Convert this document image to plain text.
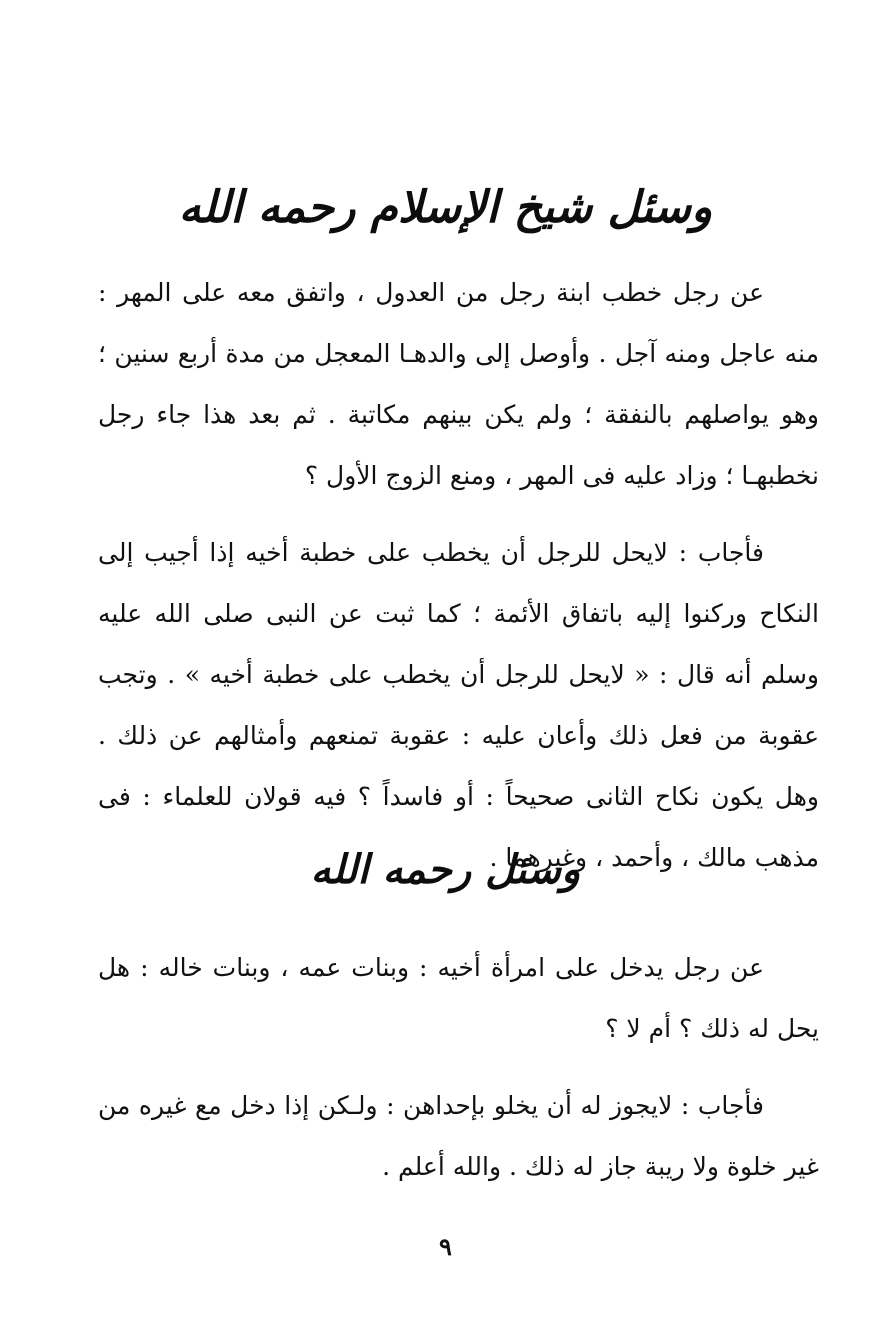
وسئل شيخ الإسلام رحمه الله

عن رجل خطب ابنة رجل من العدول ، واتفق معه على المهر : منه عاجل ومنه آجل . وأوصل إلى والدهـا المعجل من مدة أربع سنين ؛ وهو يواصلهم بالنفقة ؛ ولم يكن بينهم مكاتبة . ثم بعد هذا جاء رجل نخطبهـا ؛ وزاد عليه فى المهر ، ومنع الزوج الأول ؟

فأجاب : لايحل للرجل أن يخطب على خطبة أخيه إذا أجيب إلى النكاح وركنوا إليه باتفاق الأئمة ؛ كما ثبت عن النبى صلى الله عليه وسلم أنه قال : « لايحل للرجل أن يخطب على خطبة أخيه » . وتجب عقوبة من فعل ذلك وأعان عليه : عقوبة تمنعهم وأمثالهم عن ذلك . وهل يكون نكاح الثانى صحيحاً : أو فاسداً ؟ فيه قولان للعلماء : فى مذهب مالك ، وأحمد ، وغيرهما .

وسئل رحمه الله

عن رجل يدخل على امرأة أخيه : وبنات عمه ، وبنات خاله : هل يحل له ذلك ؟ أم لا ؟

فأجاب : لايجوز له أن يخلو بإحداهن : ولـكن إذا دخل مع غيره من غير خلوة ولا ريبة جاز له ذلك . والله أعلم .

٩
